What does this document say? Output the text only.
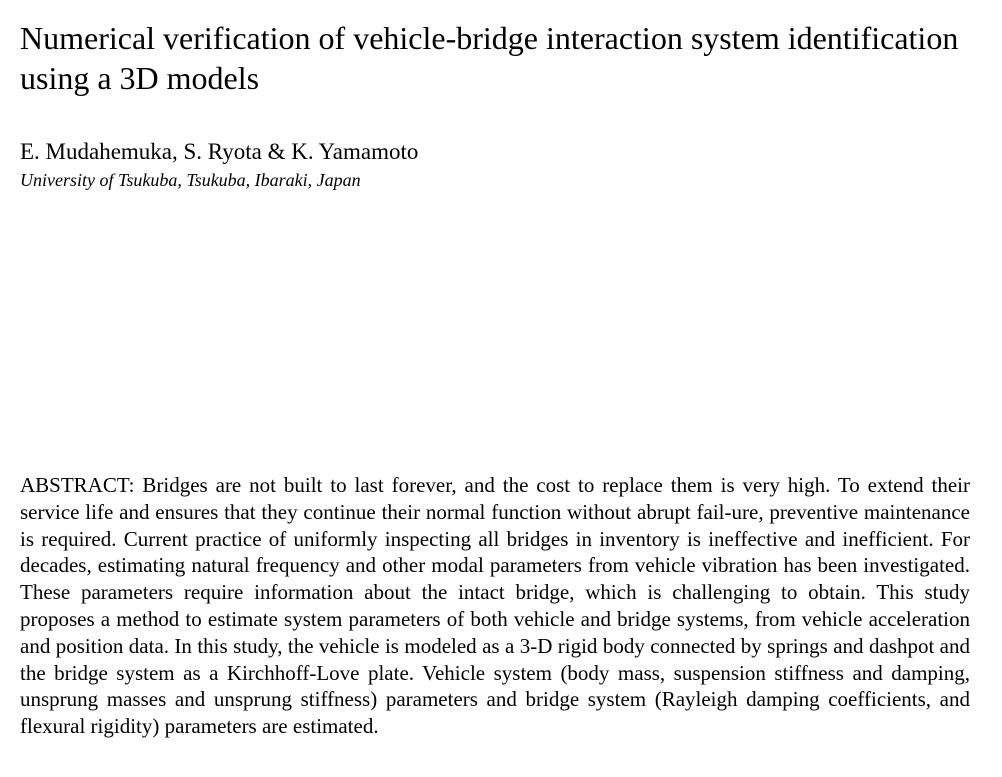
Numerical verification of vehicle-bridge interaction system identification using a 3D models
E. Mudahemuka, S. Ryota & K. Yamamoto
University of Tsukuba, Tsukuba, Ibaraki, Japan

ABSTRACT: Bridges are not built to last forever, and the cost to replace them is very high. To extend their service life and ensures that they continue their normal function without abrupt fail-ure, preventive maintenance is required. Current practice of uniformly inspecting all bridges in inventory is ineffective and inefficient. For decades, estimating natural frequency and other modal parameters from vehicle vibration has been investigated. These parameters require information about the intact bridge, which is challenging to obtain. This study proposes a method to estimate system parameters of both vehicle and bridge systems, from vehicle acceleration and position data. In this study, the vehicle is modeled as a 3-D rigid body connected by springs and dashpot and the bridge system as a Kirchhoff-Love plate. Vehicle system (body mass, suspension stiffness and damping, unsprung masses and unsprung stiffness) parameters and bridge system (Rayleigh damping coefficients, and flexural rigidity) parameters are estimated.
